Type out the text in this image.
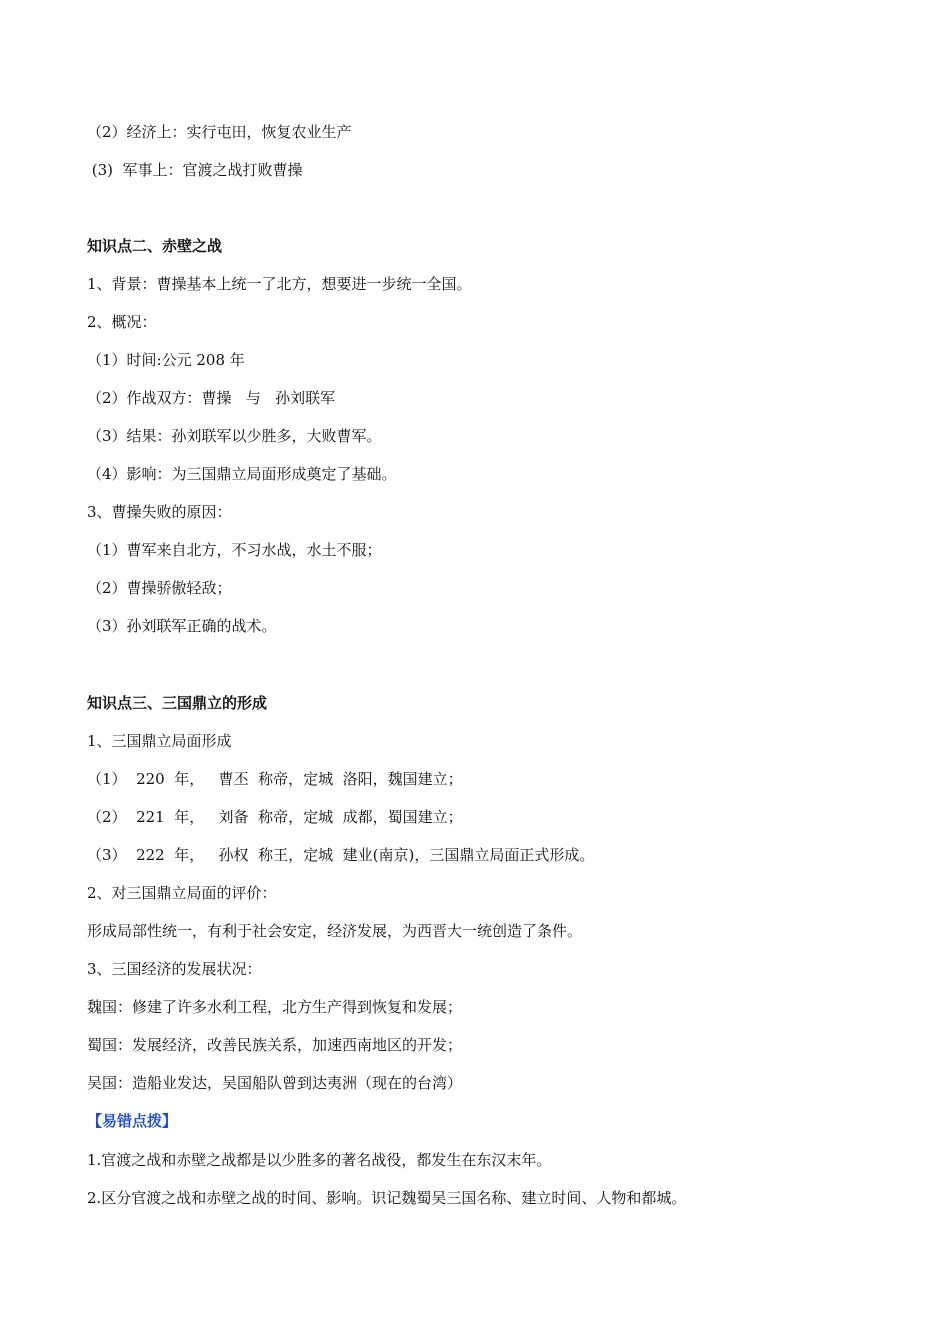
（2）经济上：实行屯田，恢复农业生产
(3)  军事上：官渡之战打败曹操
知识点二、赤壁之战
1、背景：曹操基本上统一了北方，想要进一步统一全国。
2、概况：
（1）时间:公元 208 年
（2）作战双方：曹操   与   孙刘联军
（3）结果：孙刘联军以少胜多，大败曹军。
（4）影响：为三国鼎立局面形成奠定了基础。
3、曹操失败的原因：
（1）曹军来自北方，不习水战，水土不服；
（2）曹操骄傲轻敌；
（3）孙刘联军正确的战术。
知识点三、三国鼎立的形成
1、三国鼎立局面形成
（1）  220  年，   曹丕  称帝，定城  洛阳，魏国建立；
（2）  221  年，   刘备  称帝，定城  成都，蜀国建立；
（3）  222  年，   孙权  称王，定城  建业(南京)，三国鼎立局面正式形成。
2、对三国鼎立局面的评价：
形成局部性统一，有利于社会安定，经济发展，为西晋大一统创造了条件。
3、三国经济的发展状况：
魏国：修建了许多水利工程，北方生产得到恢复和发展；
蜀国：发展经济，改善民族关系，加速西南地区的开发；
吴国：造船业发达，吴国船队曾到达夷洲（现在的台湾）
【易错点拨】
1.官渡之战和赤壁之战都是以少胜多的著名战役，都发生在东汉末年。
2.区分官渡之战和赤壁之战的时间、影响。识记魏蜀吴三国名称、建立时间、人物和都城。
